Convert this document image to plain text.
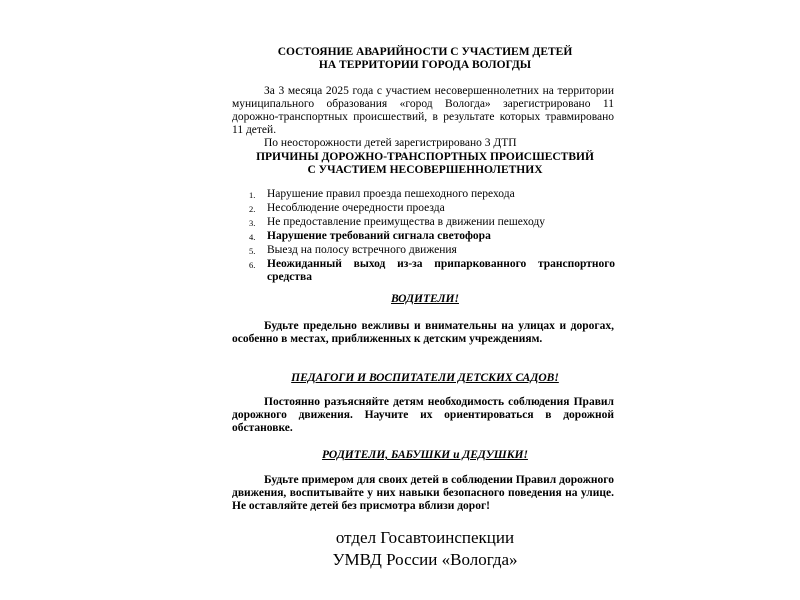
СОСТОЯНИЕ АВАРИЙНОСТИ С УЧАСТИЕМ ДЕТЕЙ
НА ТЕРРИТОРИИ ГОРОДА ВОЛОГДЫ

За 3 месяца 2025 года с участием несовершеннолетних на территории муниципального образования «город Вологда» зарегистрировано 11 дорожно-транспортных происшествий, в результате которых травмировано 11 детей.

По неосторожности детей зарегистрировано 3 ДТП

ПРИЧИНЫ ДОРОЖНО-ТРАНСПОРТНЫХ ПРОИСШЕСТВИЙ
С УЧАСТИЕМ НЕСОВЕРШЕННОЛЕТНИХ
1.	Нарушение правил проезда пешеходного перехода
2.	Несоблюдение очередности проезда
3.	Не предоставление преимущества в движении пешеходу
4.	Нарушение требований сигнала светофора
5.	Выезд на полосу встречного движения
6.	Неожиданный выход из-за припаркованного транспортного средства
ВОДИТЕЛИ!
Будьте предельно вежливы и внимательны на улицах и дорогах, особенно в местах, приближенных к детским учреждениям.
ПЕДАГОГИ И ВОСПИТАТЕЛИ ДЕТСКИХ САДОВ!
Постоянно разъясняйте детям необходимость соблюдения Правил дорожного движения. Научите их ориентироваться в дорожной обстановке.
РОДИТЕЛИ, БАБУШКИ и ДЕДУШКИ!
Будьте примером для своих детей в соблюдении Правил дорожного движения, воспитывайте у них навыки безопасного поведения на улице. Не оставляйте детей без присмотра вблизи дорог!
отдел Госавтоинспекции
УМВД России «Вологда»
